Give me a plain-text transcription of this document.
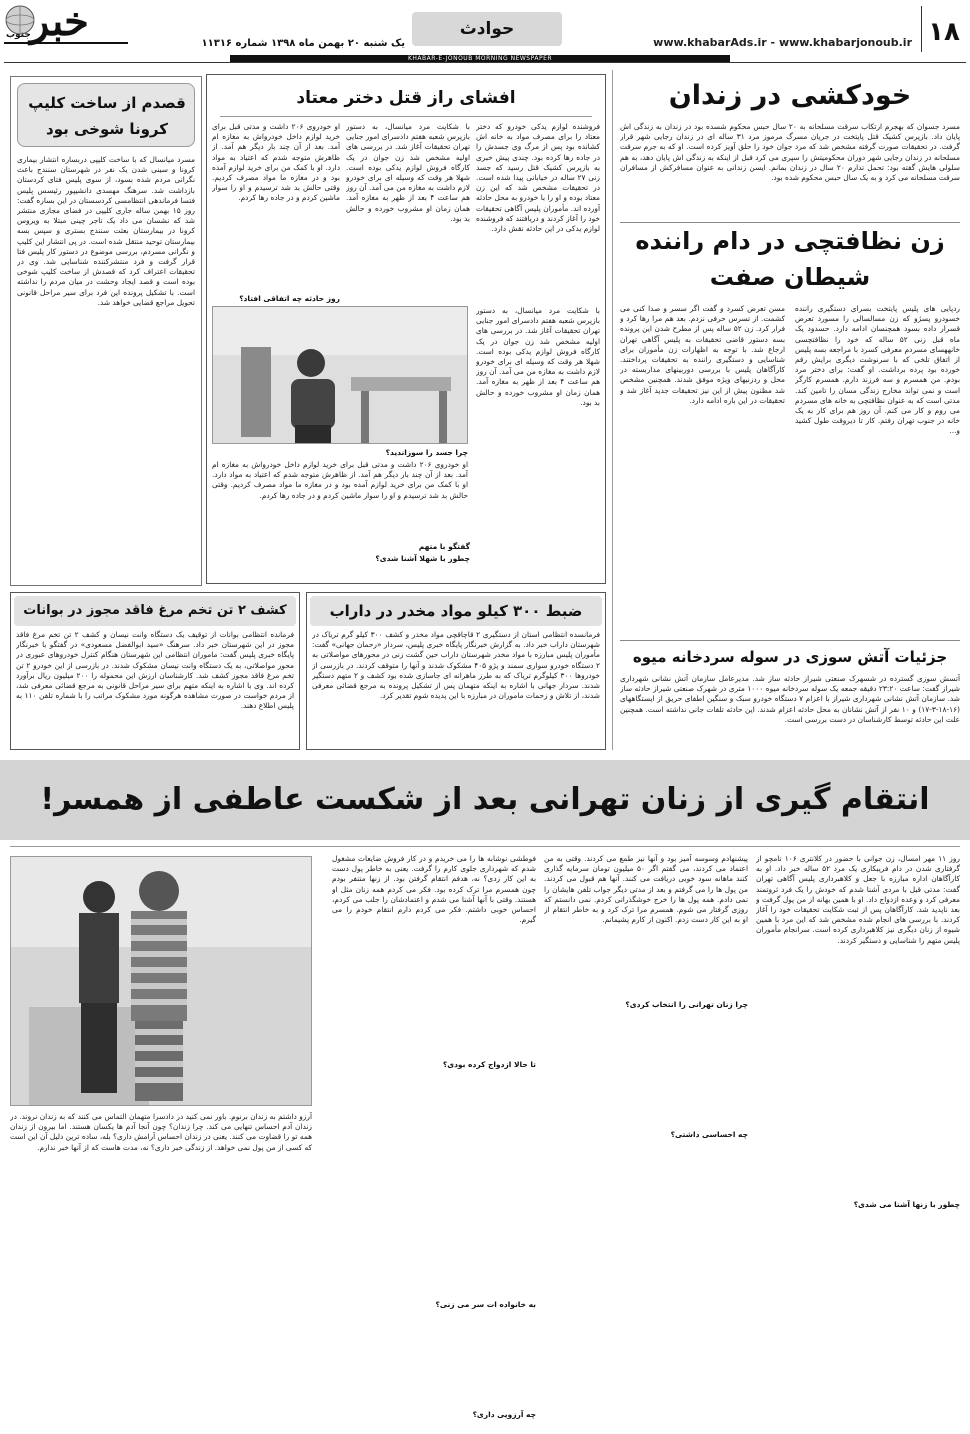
۱۸
www.khabarAds.ir - www.khabarjonoub.ir
حوادث
خبر
جنوب
یک شنبه ۲۰ بهمن ماه ۱۳۹۸ شماره ۱۱۳۱۶
KHABAR-E-JONOUB MORNING NEWSPAPER
خودکشی در زندان
مسرد جسوان که بهجرم ارتکاب سرقت مسلحانه به ۲۰ سال حبس محکوم شسده بود در زندان به زندگی اش پایان داد. بازپرس کشیک قتل پایتخت در جریان مسرگ مرموز مرد ۳۱ ساله ای در زندان رجایی شهر قرار گرفت. در تحقیقات صورت گرفته مشخص شد که مرد جوان خود را حلق آویز کرده است. او که به جرم سرقت مسلحانه در زندان رجایی شهر دوران محکومیتش را سپری می کرد قبل از اینکه به زندگی اش پایان دهد، به هم سلولی هایش گفته بود: تحمل تدارم ۲۰ سال در زندان بمانم. ایسن زندانی به عنوان مسافرکش از مسافران سرقت مسلحانه می کرد و به یک سال حبس محکوم شده بود.
زن نظافتچی در دام راننده
شیطان صفت
ردپایی های پلیس پایتخت بسرای دستگیری راننده خسودرو پسژو که زن مسالسالی را مسورد تعرض قسرار داده بسود همچنسان ادامه دارد. حسدود یک ماه قبل زنی ۵۲ ساله که خود را نظافتچسی خانههسای مسردم معرفی کسرد با مراجعه بسه پلیس از اتفاق تلخی که با سرنوشت دیگری برایش رقم خورده بود پرده برداشت. او گفت: برای دختر مرد بودم. من همسرم و سه فرزند دارم. همسرم کارگر است و نمی تواند مخارج زندگی مسان را تامین کند. مدتی است که به عنوان نظافتچی به خانه های مسردم می روم و کار می کنم. آن روز هم برای کار به یک خانه در جنوب تهران رفتم. کار تا دیروقت طول کشید و...
مسن تعرض کسرد و گفت اگر سسر و صدا کنی می کشمت. از تسرس حرفی نزدم. بعد هم مرا رها کرد و فرار کرد. زن ۵۲ ساله پس از مطرح شدن این پرونده بسه دستور قاضی تحقیقات به پلیس آگاهی تهران ارجاع شد. با توجه به اظهارات زن مأموران برای شناسایی و دستگیری راننده به تحقیقات پرداختند. کارآگاهان پلیس با بررسی دوربینهای مداربسته در محل و ردزنیهای ویژه موفق شدند. همچنین مشخص شد مظنون پیش از این نیز تحقیقات جدید آغاز شد و تحقیقات در این باره ادامه دارد.
جزئیات آتش سوزی در سوله سردخانه میوه
آتسش سوزی گسترده در شسهرک صنعتی شیراز حادثه ساز شد. مدیرعامل سازمان آتش نشانی شهرداری شیراز گفت: ساعت ۲۳:۲۰ دقیقه جمعه یک سوله سردخانه میوه ۱۰۰۰ متری در شهرک صنعتی شیراز حادثه ساز شد. سازمان آتش نشانی شهرداری شیراز با اعزام ۷ دستگاه خودرو سبک و سنگین اطفای حریق از ایستگاههای (۱۶-۱۸-۳-۱۷) و ۱۰ نفر از آتش نشانان به محل حادثه اعزام شدند. این حادثه تلفات جانی نداشته است. همچنین علت این حادثه توسط کارشناسان در دست بررسی است.
افشای راز قتل دختر معتاد
فروشنده لوازم یدکی خودرو که دختر معتاد را برای مصرف مواد به خانه اش کشانده بود پس از مرگ وی جسدش را در جاده رها کرده بود. چندی پیش خبری به بازپرس کشیک قتل رسید که جسد زنی ۲۷ ساله در خیابانی پیدا شده است. در تحقیقات مشخص شد که این زن معتاد بوده و او را با خودرو به محل حادثه آورده اند. مأموران پلیس آگاهی تحقیقات خود را آغاز کردند و دریافتند که فروشنده لوازم یدکی در این حادثه نقش دارد.
با شکایت مرد میانسال، به دستور بازپرس شعبه هفتم دادسرای امور جنایی تهران تحقیقات آغاز شد. در بررسی های اولیه مشخص شد زن جوان در یک کارگاه فروش لوازم یدکی بوده است. شهلا هر وقت که وسیله ای برای خودرو لازم داشت به مغازه من می آمد. آن روز هم ساعت ۴ بعد از ظهر به مغازه آمد. همان زمان او مشروب خورده و حالش بد بود.
او خودروی ۲۰۶ داشت و مدتی قبل برای خرید لوازم داخل خودرواش به مغازه ام آمد. بعد از آن چند بار دیگر هم آمد. از ظاهرش متوجه شدم که اعتیاد به مواد دارد. او با کمک من برای خرید لوازم آمده بود و در مغازه ما مواد مصرف کردیم. وقتی حالش بد شد ترسیدم و او را سوار ماشین کردم و در جاده رها کردم.
روز حادثه چه اتفاقی افتاد؟
با شکایت مرد میانسال، به دستور بازپرس شعبه هفتم دادسرای امور جنایی تهران تحقیقات آغاز شد. در بررسی های اولیه مشخص شد زن جوان در یک کارگاه فروش لوازم یدکی بوده است. شهلا هر وقت که وسیله ای برای خودرو لازم داشت به مغازه من می آمد. آن روز هم ساعت ۴ بعد از ظهر به مغازه آمد. همان زمان او مشروب خورده و حالش بد بود.
چرا جسد را سوزاندید؟
او خودروی ۲۰۶ داشت و مدتی قبل برای خرید لوازم داخل خودرواش به مغازه ام آمد. بعد از آن چند بار دیگر هم آمد. از ظاهرش متوجه شدم که اعتیاد به مواد دارد. او با کمک من برای خرید لوازم آمده بود و در مغازه ما مواد مصرف کردیم. وقتی حالش بد شد ترسیدم و او را سوار ماشین کردم و در جاده رها کردم.
گفتگو با متهم
چطور با شهلا آشنا شدی؟
قصدم از ساخت کلیپ
کرونا شوخی بود
مسرد میانسال که با ساخت کلیپی دربساره انتشار بیماری کرونا و سینی شدن یک نفر در شهرستان سنندج باعث نگرانی مردم شده بسود، از سوی پلیس فتای کردستان بازداشت شد. سرهنگ مهسدی دانشیپور رئیسس پلیس فتسا فرماندهی انتظامسی کردسستان در این بساره گفت: روز ۱۵ بهمن ساله جاری کلیپی در فضای مجازی منتشر شد که نشسان می داد یک تاجر چینی مبتلا به ویروس کرونا در بیمارستان بعثت سنندج بستری و سپس بسه بیمارستان توحید منتقل شده است. در پی انتشار این کلیپ و نگرانی مسردم، بررسی موضوع در دستور کار پلیس فتا قرار گرفت و فرد منتشرکننده شناسایی شد. وی در تحقیقات اعتراف کرد که قصدش از ساخت کلیپ شوخی بوده است و قصد ایجاد وحشت در میان مردم را نداشته است. با تشکیل پرونده این فرد برای سیر مراحل قانونی تحویل مراجع قضایی خواهد شد.
ضبط ۳۰۰ کیلو مواد مخدر در داراب
فرمانسده انتظامی استان از دستگیری ۲ قاچاقچی مواد مخدر و کشف ۳۰۰ کیلو گرم تریاک در شهرستان داراب خبر داد. به گزارش خبرنگار پایگاه خبری پلیس، سردار «رحمان جهانی» گفت: مأموران پلیس مبارزه با مواد مخدر شهرستان داراب حین گشت زنی در محورهای مواصلاتی به ۲ دستگاه خودرو سواری سمند و پژو ۴۰۵ مشکوک شدند و آنها را متوقف کردند. در بازرسی از خودروها ۳۰۰ کیلوگرم تریاک که به طرز ماهرانه ای جاسازی شده بود کشف و ۲ متهم دستگیر شدند. سردار جهانی با اشاره به اینکه متهمان پس از تشکیل پرونده به مرجع قضائی معرفی شدند، از تلاش و زحمات ماموران در مبارزه با این پدیده شوم تقدیر کرد.
کشف ۲ تن تخم مرغ فاقد مجوز در بوانات
فرمانده انتظامی بوانات از توقیف یک دستگاه وانت نیسان و کشف ۲ تن تخم مرغ فاقد مجوز در این شهرستان خبر داد. سرهنگ «سید ابوالفضل مسعودی» در گفتگو با خبرنگار پایگاه خبری پلیس گفت: ماموران انتظامی این شهرستان هنگام کنترل خودروهای عبوری در محور مواصلاتی، به یک دستگاه وانت نیسان مشکوک شدند. در بازرسی از این خودرو ۲ تن تخم مرغ فاقد مجوز کشف شد. کارشناسان ارزش این محموله را ۲۰۰ میلیون ریال برآورد کرده اند. وی با اشاره به اینکه متهم برای سیر مراحل قانونی به مرجع قضائی معرفی شد، از مردم خواست در صورت مشاهده هرگونه مورد مشکوک مراتب را با شماره تلفن ۱۱۰ به پلیس اطلاع دهند.
انتقام گیری از زنان تهرانی بعد از شکست عاطفی از همسر!
روز ۱۱ مهر امسال، زن جوانی با حضور در کلانتری ۱۰۶ تامچو از گرفتاری شدن در دام فریبکاری یک مرد ۵۲ ساله خبر داد. او به کارآگاهان اداره مبارزه با جعل و کلاهبرداری پلیس آگاهی تهران گفت: مدتی قبل با مردی آشنا شدم که خودش را یک فرد ثروتمند معرفی کرد و وعده ازدواج داد. او با همین بهانه از من پول گرفت و بعد ناپدید شد. کارآگاهان پس از ثبت شکایت تحقیقات خود را آغاز کردند. با بررسی های انجام شده مشخص شد که این مرد با همین شیوه از زنان دیگری نیز کلاهبرداری کرده است. سرانجام مأموران پلیس متهم را شناسایی و دستگیر کردند.
چطور با زنها آشنا می شدی؟
پیشنهادم وسوسه آمیز بود و آنها نیز طمع می کردند. وقتی به من اعتماد می کردند، می گفتم اگر ۵۰ میلیون تومان سرمایه گذاری کنند ماهانه سود خوبی دریافت می کنند. آنها هم قبول می کردند. من پول ها را می گرفتم و بعد از مدتی دیگر جواب تلفن هایشان را نمی دادم. همه پول ها را خرج خوشگذرانی کردم. نمی دانستم که روزی گرفتار می شوم. همسرم مرا ترک کرد و به خاطر انتقام از او به این کار دست زدم. اکنون از کارم پشیمانم.
چرا زنان تهرانی را انتخاب کردی؟
چه احساسی داشتی؟
فوطشی نوشابه ها را می خریدم و در کار فروش ضایعات مشغول شدم که شهرداری جلوی کارم را گرفت. یعنی به خاطر پول دست به این کار زدی؟ نه، هدفم انتقام گرفتن بود. از زنها متنفر بودم چون همسرم مرا ترک کرده بود. فکر می کردم همه زنان مثل او هستند. وقتی با آنها آشنا می شدم و اعتمادشان را جلب می کردم، احساس خوبی داشتم. فکر می کردم دارم انتقام خودم را می گیرم.
تا حالا ازدواج کرده بودی؟
به خانواده ات سر می زنی؟
چه آرزویی داری؟
آرزو داشتم به زندان برنوم. باور نمی کنید در دادسرا متهمان التماس می کنند که به زندان نروند. در زندان آدم احساس تنهایی می کند. چرا زندان؟ چون آنجا آدم ها یکسان هستند. اما بیرون از زندان همه تو را قضاوت می کنند. یعنی در زندان احساس آرامش داری؟ بله، ساده ترین دلیل آن این است که کسی از من پول نمی خواهد. از زندگی خبر داری؟ نه، مدت هاست که از آنها خبر ندارم.
